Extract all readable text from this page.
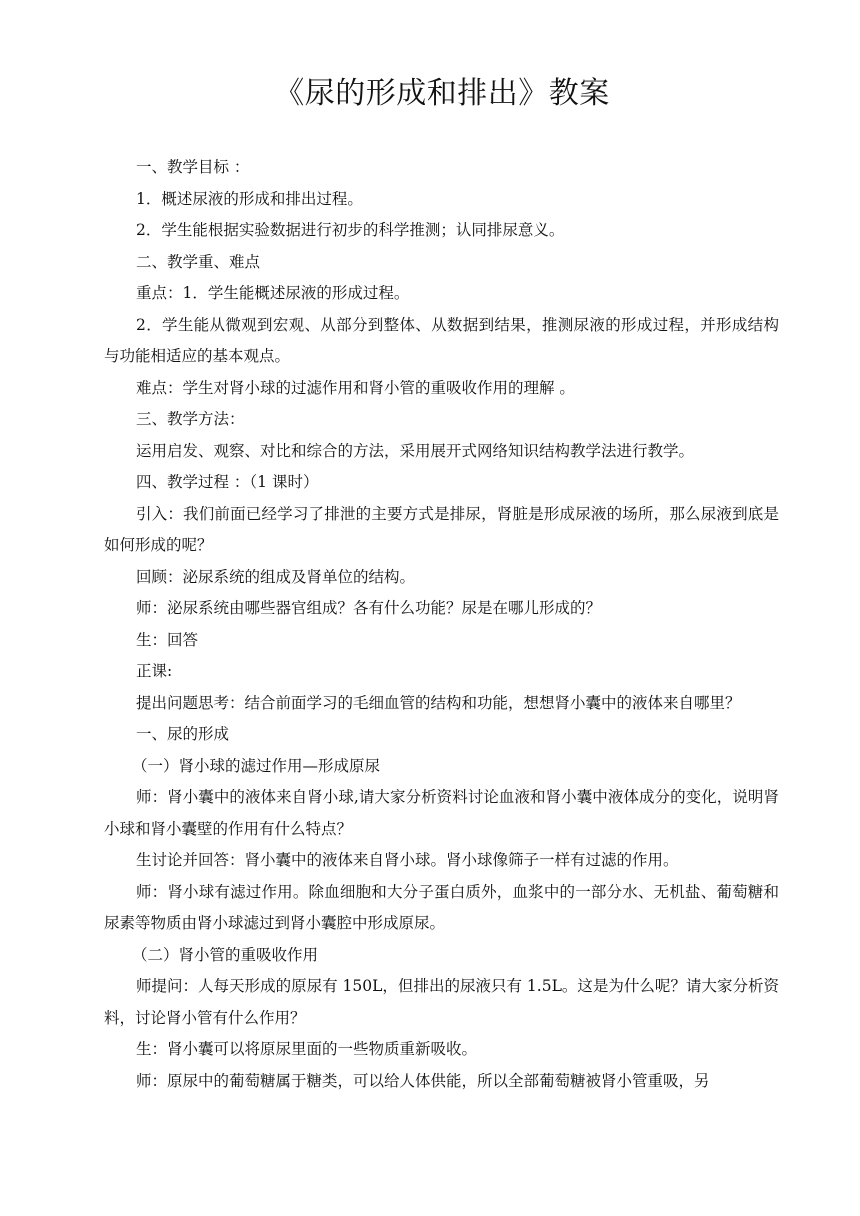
《尿的形成和排出》教案

一、教学目标 ：

1．概述尿液的形成和排出过程。

2．学生能根据实验数据进行初步的科学推测；认同排尿意义。

二、教学重、难点

重点：1．学生能概述尿液的形成过程。

2．学生能从微观到宏观、从部分到整体、从数据到结果，推测尿液的形成过程，并形成结构与功能相适应的基本观点。

难点：学生对肾小球的过滤作用和肾小管的重吸收作用的理解 。

三、教学方法：

运用启发、观察、对比和综合的方法，采用展开式网络知识结构教学法进行教学。

四、教学过程 ：（1 课时）

引入：我们前面已经学习了排泄的主要方式是排尿，肾脏是形成尿液的场所，那么尿液到底是如何形成的呢？

回顾：泌尿系统的组成及肾单位的结构。

师：泌尿系统由哪些器官组成？各有什么功能？尿是在哪儿形成的？

生：回答

正课:

提出问题思考：结合前面学习的毛细血管的结构和功能，想想肾小囊中的液体来自哪里？

一、尿的形成

（一）肾小球的滤过作用—形成原尿

师：肾小囊中的液体来自肾小球,请大家分析资料讨论血液和肾小囊中液体成分的变化，说明肾小球和肾小囊壁的作用有什么特点？

生讨论并回答：肾小囊中的液体来自肾小球。肾小球像筛子一样有过滤的作用。

师：肾小球有滤过作用。除血细胞和大分子蛋白质外，血浆中的一部分水、无机盐、葡萄糖和尿素等物质由肾小球滤过到肾小囊腔中形成原尿。

（二）肾小管的重吸收作用

师提问：人每天形成的原尿有 150L，但排出的尿液只有 1.5L。这是为什么呢？请大家分析资料，讨论肾小管有什么作用？

生：肾小囊可以将原尿里面的一些物质重新吸收。

师：原尿中的葡萄糖属于糖类，可以给人体供能，所以全部葡萄糖被肾小管重吸，另
